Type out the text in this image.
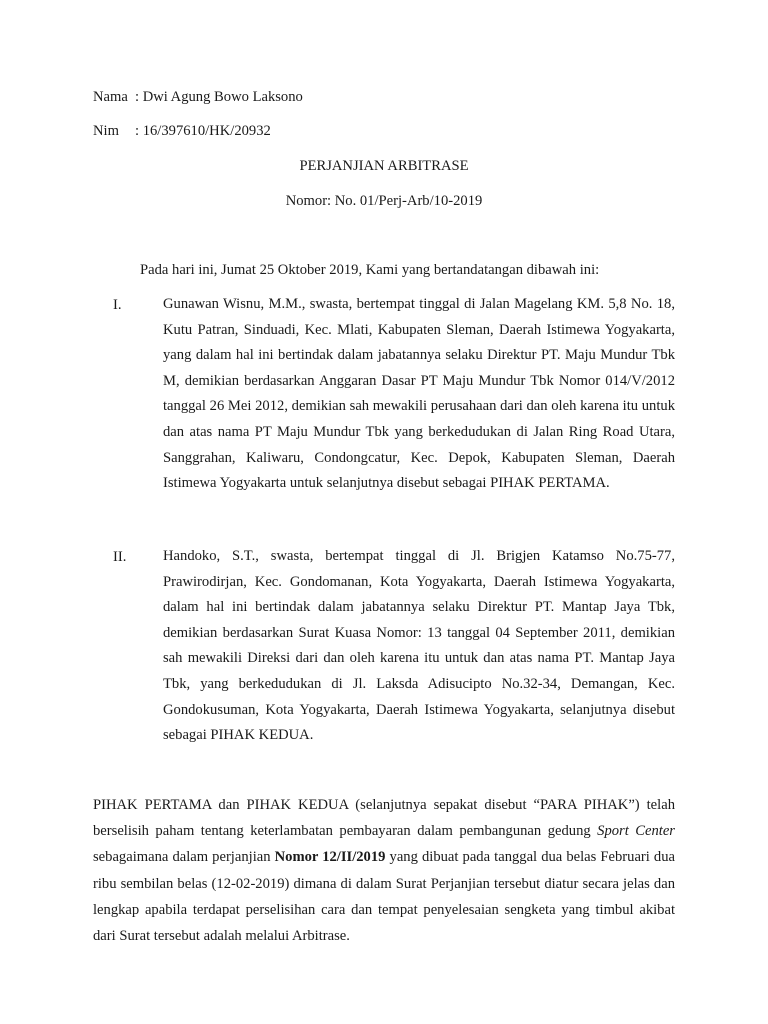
Nama : Dwi Agung Bowo Laksono
Nim : 16/397610/HK/20932
PERJANJIAN ARBITRASE
Nomor: No. 01/Perj-Arb/10-2019
Pada hari ini, Jumat 25 Oktober 2019, Kami yang bertandatangan dibawah ini:
I.	Gunawan Wisnu, M.M., swasta, bertempat tinggal di Jalan Magelang KM. 5,8 No. 18, Kutu Patran, Sinduadi, Kec. Mlati, Kabupaten Sleman, Daerah Istimewa Yogyakarta, yang dalam hal ini bertindak dalam jabatannya selaku Direktur PT. Maju Mundur Tbk M, demikian berdasarkan Anggaran Dasar PT Maju Mundur Tbk Nomor 014/V/2012 tanggal 26 Mei 2012, demikian sah mewakili perusahaan dari dan oleh karena itu untuk dan atas nama PT Maju Mundur Tbk yang berkedudukan di Jalan Ring Road Utara, Sanggrahan, Kaliwaru, Condongcatur, Kec. Depok, Kabupaten Sleman, Daerah Istimewa Yogyakarta untuk selanjutnya disebut sebagai PIHAK PERTAMA.
II.	Handoko, S.T., swasta, bertempat tinggal di Jl. Brigjen Katamso No.75-77, Prawirodirjan, Kec. Gondomanan, Kota Yogyakarta, Daerah Istimewa Yogyakarta, dalam hal ini bertindak dalam jabatannya selaku Direktur PT. Mantap Jaya Tbk, demikian berdasarkan Surat Kuasa Nomor: 13 tanggal 04 September 2011, demikian sah mewakili Direksi dari dan oleh karena itu untuk dan atas nama PT. Mantap Jaya Tbk, yang berkedudukan di Jl. Laksda Adisucipto No.32-34, Demangan, Kec. Gondokusuman, Kota Yogyakarta, Daerah Istimewa Yogyakarta, selanjutnya disebut sebagai PIHAK KEDUA.
PIHAK PERTAMA dan PIHAK KEDUA (selanjutnya sepakat disebut “PARA PIHAK”) telah berselisih paham tentang keterlambatan pembayaran dalam pembangunan gedung Sport Center sebagaimana dalam perjanjian Nomor 12/II/2019 yang dibuat pada tanggal dua belas Februari dua ribu sembilan belas (12-02-2019) dimana di dalam Surat Perjanjian tersebut diatur secara jelas dan lengkap apabila terdapat perselisihan cara dan tempat penyelesaian sengketa yang timbul akibat dari Surat tersebut adalah melalui Arbitrase.
